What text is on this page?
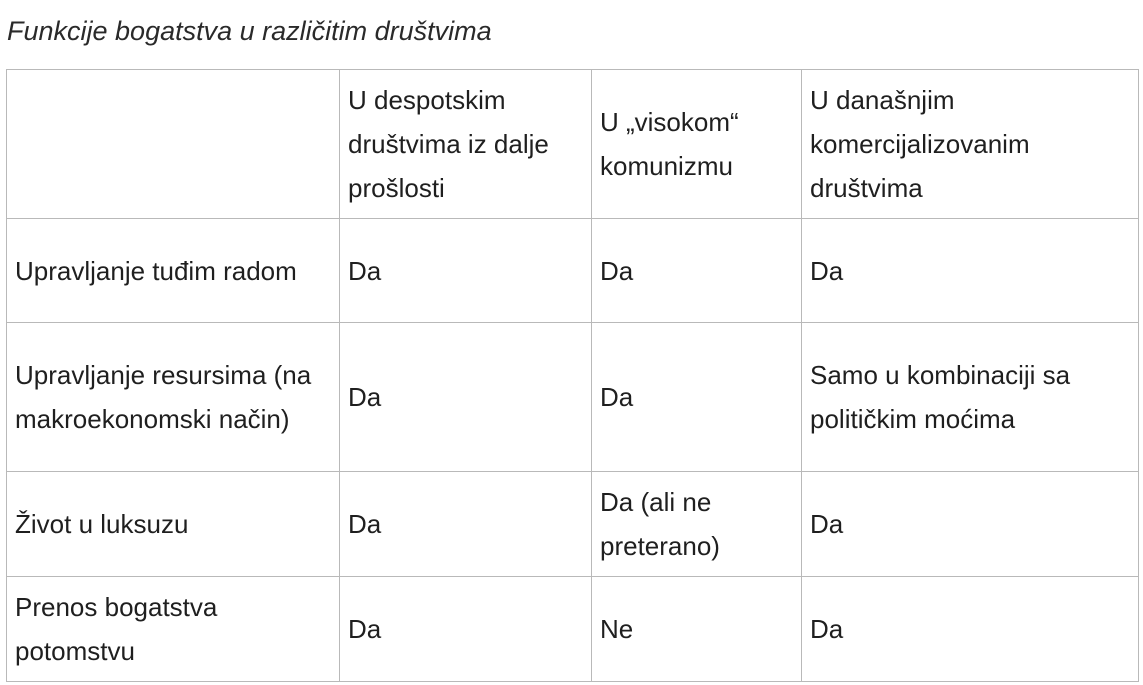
Funkcije bogatstva u različitim društvima

	U despotskim društvima iz dalje prošlosti	U „visokom“ komunizmu	U današnjim komercijalizovanim društvima
Upravljanje tuđim radom	Da	Da	Da
Upravljanje resursima (na makroekonomski način)	Da	Da	Samo u kombinaciji sa političkim moćima
Život u luksuzu	Da	Da (ali ne preterano)	Da
Prenos bogatstva potomstvu	Da	Ne	Da
